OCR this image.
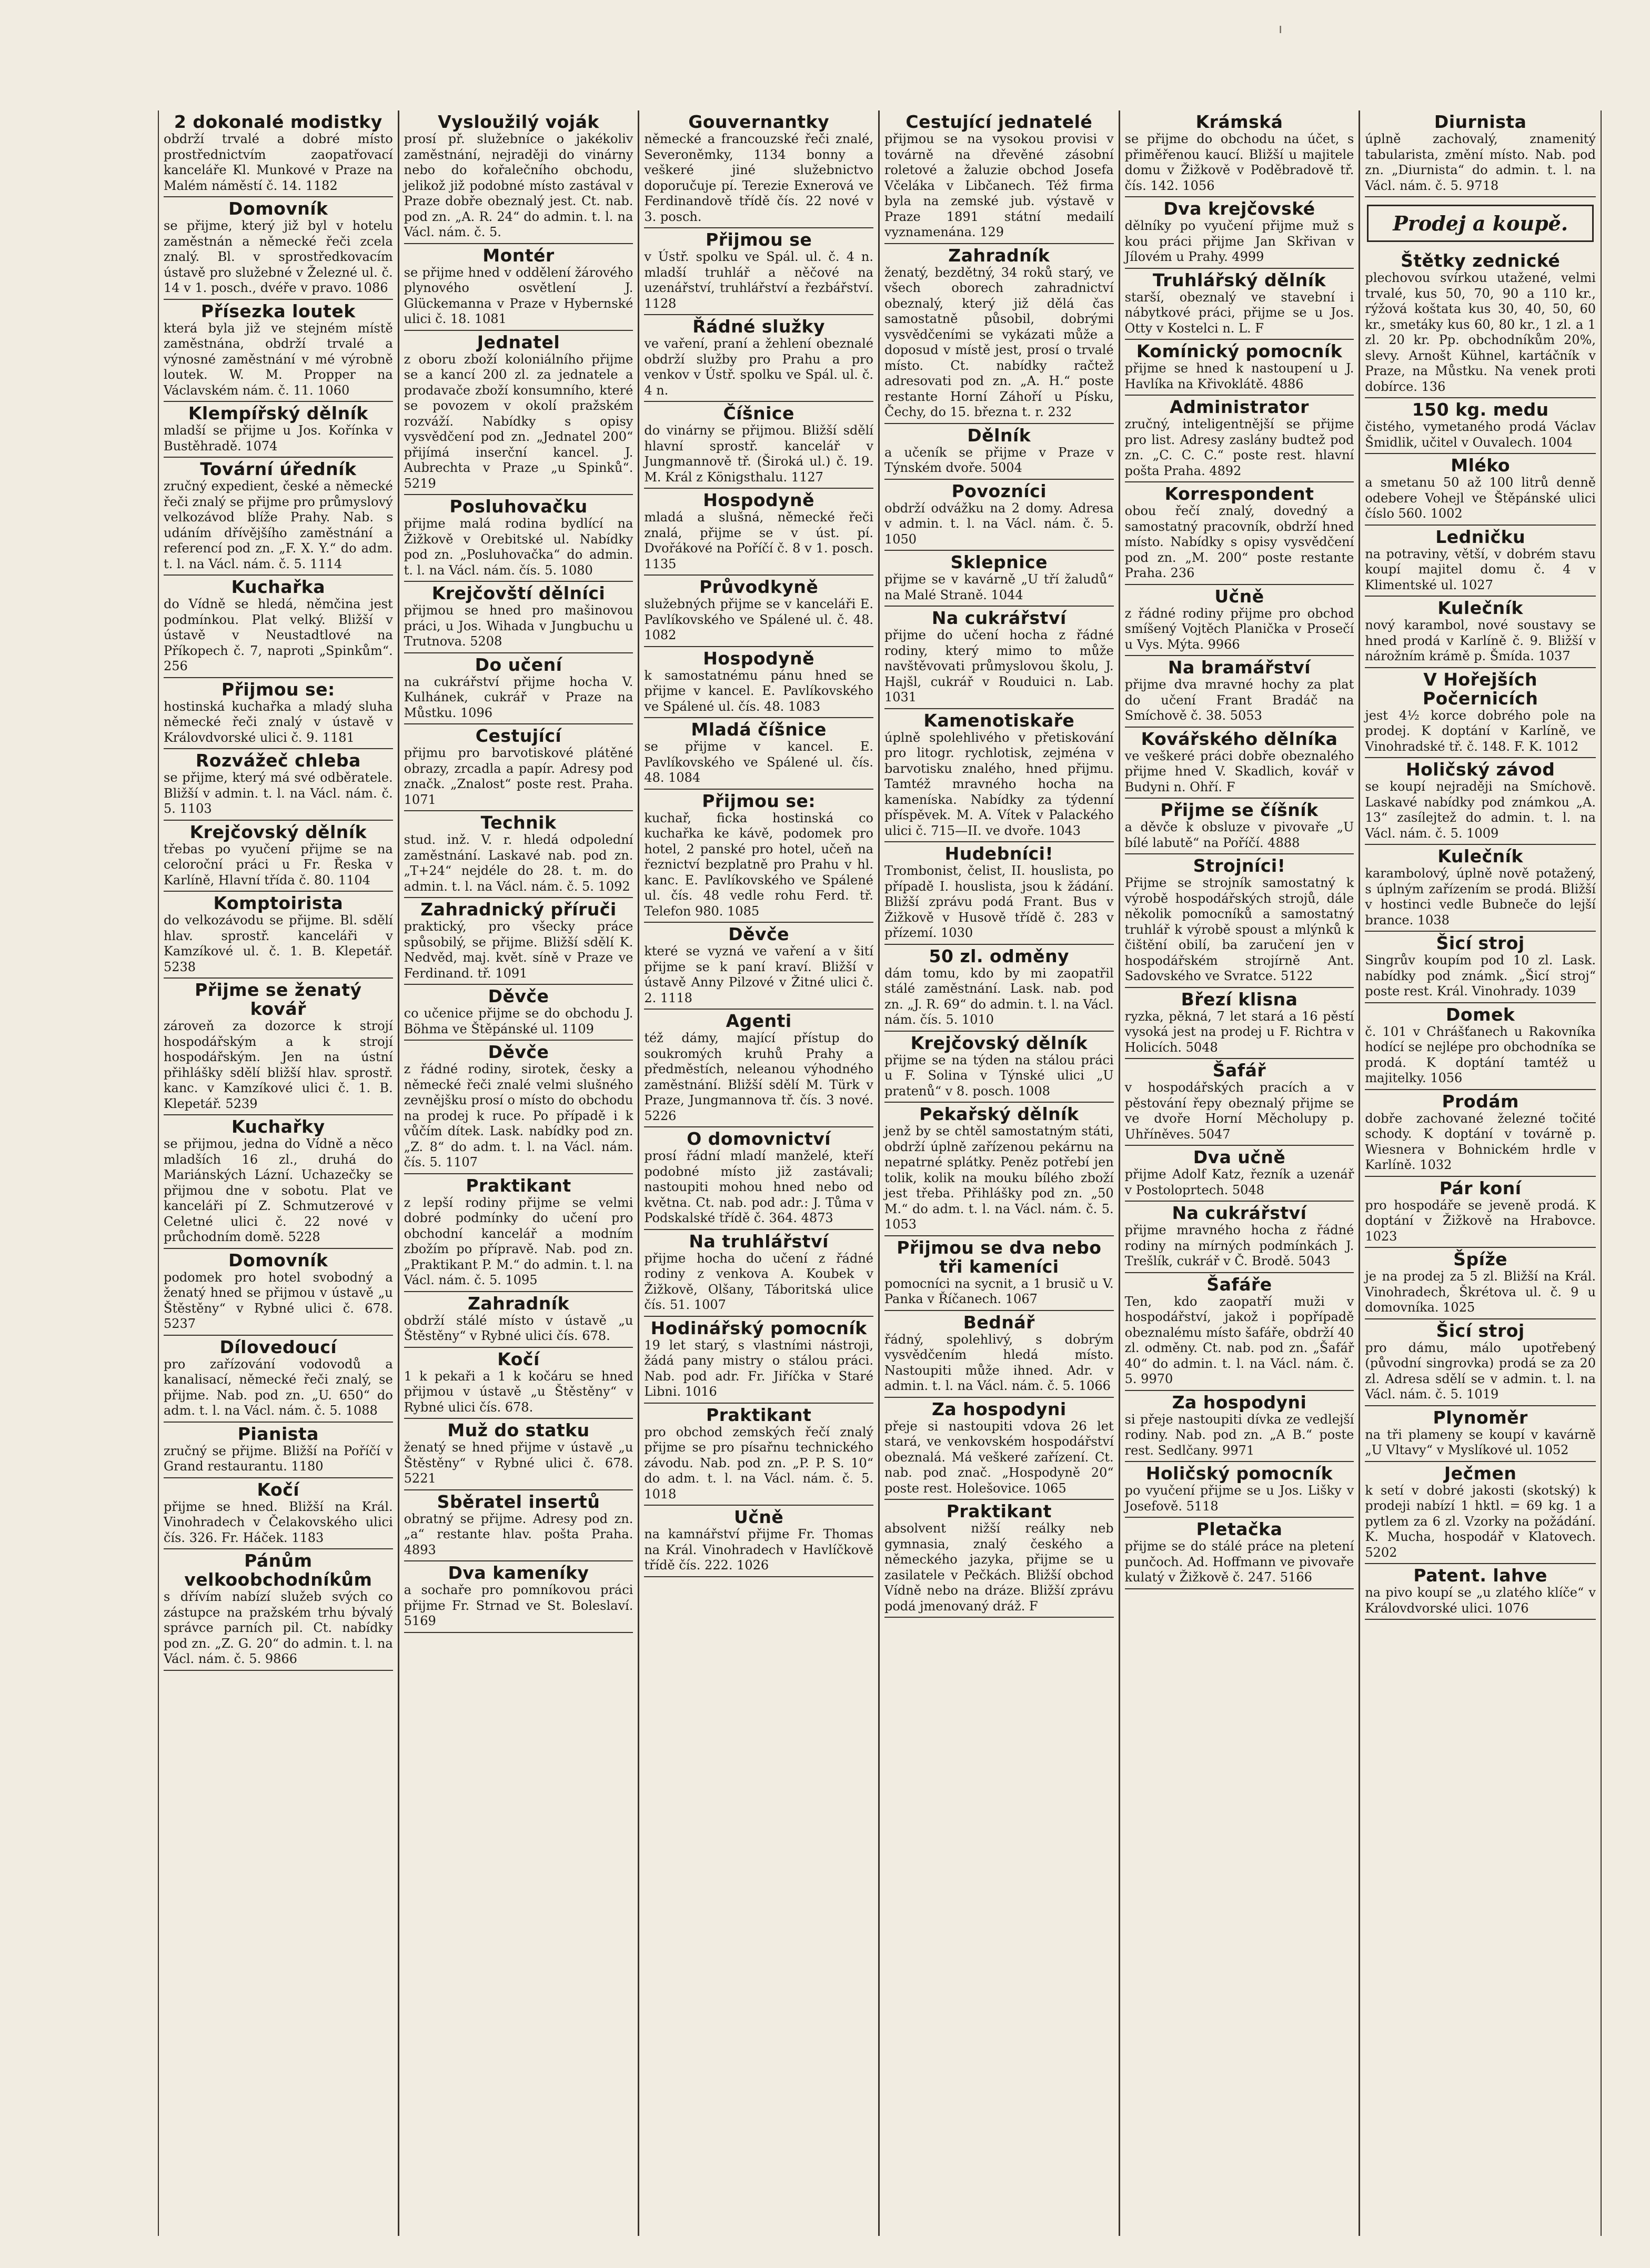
2 dokonalé modistky

obdrží trvalé a dobré místo prostřednictvím zaopatřovací kanceláře Kl. Munkové v Praze na Malém náměstí č. 14. 1182

Domovník

se přijme, který již byl v hotelu zaměstnán a německé řeči zcela znalý. Bl. v sprostředkovacím ústavě pro služebné v Železné ul. č. 14 v 1. posch., dvéře v pravo. 1086

Přísezka loutek

která byla již ve stejném místě zaměstnána, obdrží trvalé a výnosné zaměstnání v mé výrobně loutek. W. M. Propper na Václavském nám. č. 11. 1060

Klempířský dělník

mladší se přijme u Jos. Kořínka v Bustěhradě. 1074

Tovární úředník

zručný expedient, české a německé řeči znalý se přijme pro průmyslový velkozávod blíže Prahy. Nab. s udáním dřívějšího zaměstnání a referencí pod zn. „F. X. Y.“ do adm. t. l. na Václ. nám. č. 5. 1114

Kuchařka

do Vídně se hledá, němčina jest podmínkou. Plat velký. Bližší v ústavě v Neustadtlové na Příkopech č. 7, naproti „Spinkům“. 256

Přijmou se:

hostinská kuchařka a mladý sluha německé řeči znalý v ústavě v Královdvorské ulici č. 9. 1181

Rozvážeč chleba

se přijme, který má své odběratele. Bližší v admin. t. l. na Václ. nám. č. 5. 1103

Krejčovský dělník

třebas po vyučení přijme se na celoroční práci u Fr. Řeska v Karlíně, Hlavní třída č. 80. 1104

Komptoiristа

do velkozávodu se přijme. Bl. sdělí hlav. sprostř. kanceláři v Kamzíkové ul. č. 1. B. Klepetář. 5238

Přijme se ženatý kovář

zároveň za dozorce k strojí hospodářským a k strojí hospodářským. Jen na ústní přihlášky sdělí bližší hlav. sprostř. kanc. v Kamzíkové ulici č. 1. B. Klepetář. 5239

Kuchařky

se přijmou, jedna do Vídně a něco mladších 16 zl., druhá do Mariánských Lázní. Uchazečky se přijmou dne v sobotu. Plat ve kanceláři pí Z. Schmutzerové v Celetné ulici č. 22 nové v průchodním domě. 5228

Domovník

podomek pro hotel svobodný a ženatý hned se přijmou v ústavě „u Štěstěny“ v Rybné ulici č. 678. 5237

Dílovedoucí

pro zařízování vodovodů a kanalisací, německé řeči znalý, se přijme. Nab. pod zn. „U. 650“ do adm. t. l. na Václ. nám. č. 5. 1088

Pianista

zručný se přijme. Bližší na Poříčí v Grand restaurantu. 1180

Kočí

přijme se hned. Bližší na Král. Vinohradech v Čelakovského ulici čís. 326. Fr. Háček. 1183

Pánům velkoobchodníkům

s dřívím nabízí služeb svých co zástupce na pražském trhu bývalý správce parních pil. Ct. nabídky pod zn. „Z. G. 20“ do admin. t. l. na Václ. nám. č. 5. 9866

Vysloužilý voják

prosí př. služebníce o jakékoliv zaměstnání, nejraději do vinárny nebo do kořalečního obchodu, jelikož již podobné místo zastával v Praze dobře obeznalý jest. Ct. nab. pod zn. „A. R. 24“ do admin. t. l. na Václ. nám. č. 5.

Montér

se přijme hned v oddělení žárového plynového osvětlení J. Glückemanna v Praze v Hybernské ulici č. 18. 1081

Jednatel

z oboru zboží koloniálního přijme se a kancí 200 zl. za jednatele a prodavače zboží konsumního, které se povozem v okolí pražském rozváží. Nabídky s opisy vysvědčení pod zn. „Jednatel 200“ přijímá inserční kancel. J. Aubrechta v Praze „u Spinků“. 5219

Posluhovačku

přijme malá rodina bydlící na Žižkově v Orebitské ul. Nabídky pod zn. „Posluhovačka“ do admin. t. l. na Václ. nám. čís. 5. 1080

Krejčovští dělníci

přijmou se hned pro mašinovou práci, u Jos. Wihada v Jungbuchu u Trutnova. 5208

Do učení

na cukrářství přijme hocha V. Kulhánek, cukrář v Praze na Můstku. 1096

Cestující

přijmu pro barvotiskové plátěné obrazy, zrcadla a papír. Adresy pod značk. „Znalost“ poste rest. Praha. 1071

Technik

stud. inž. V. r. hledá odpolední zaměstnání. Laskavé nab. pod zn. „T+24“ nejdéle do 28. t. m. do admin. t. l. na Václ. nám. č. 5. 1092

Zahradnický příruči

praktický, pro všecky práce spůsobilý, se přijme. Bližší sdělí K. Nedvěd, maj. květ. síně v Praze ve Ferdinand. tř. 1091

Děvče

co učenice přijme se do obchodu J. Böhma ve Štěpánské ul. 1109

Děvče

z řádné rodiny, sirotek, česky a německé řeči znalé velmi slušného zevnějšku prosí o místo do obchodu na prodej k ruce. Po případě i k vůčím dítek. Lask. nabídky pod zn. „Z. 8“ do adm. t. l. na Václ. nám. čís. 5. 1107

Praktikant

z lepší rodiny přijme se velmi dobré podmínky do učení pro obchodní kancelář a modním zbožím po přípravě. Nab. pod zn. „Praktikant P. M.“ do admin. t. l. na Václ. nám. č. 5. 1095

Zahradník

obdrží stálé místo v ústavě „u Štěstěny“ v Rybné ulici čís. 678.

Kočí

1 k pekaři a 1 k kočáru se hned přijmou v ústavě „u Štěstěny“ v Rybné ulici čís. 678.

Muž do statku

ženatý se hned přijme v ústavě „u Štěstěny“ v Rybné ulici č. 678. 5221

Sběratel insertů

obratný se přijme. Adresy pod zn. „a“ restante hlav. pošta Praha. 4893

Dva kameníky

a sochaře pro pomníkovou práci přijme Fr. Strnad ve St. Boleslaví. 5169

Gouvernantky

německé a francouzské řeči znalé, Severoněmky, 1134 bonny a veškeré jiné služebnictvo doporučuje pí. Terezie Exnerová ve Ferdinandově třídě čís. 22 nové v 3. posch.

Přijmou se

v Ústř. spolku ve Spál. ul. č. 4 n. mladší truhlář a něčové na uzenářství, truhlářství a řezbářství. 1128

Řádné služky

ve vaření, praní a žehlení obeznalé obdrží služby pro Prahu a pro venkov v Ústř. spolku ve Spál. ul. č. 4 n.

Číšnice

do vinárny se přijmou. Bližší sdělí hlavní sprostř. kancelář v Jungmannově tř. (Široká ul.) č. 19. M. Král z Königsthalu. 1127

Hospodyně

mladá a slušná, německé řeči znalá, přijme se v úst. pí. Dvořákové na Poříčí č. 8 v 1. posch. 1135

Průvodkyně

služebných přijme se v kanceláři E. Pavlíkovského ve Spálené ul. č. 48. 1082

Hospodyně

k samostatnému pánu hned se přijme v kancel. E. Pavlíkovského ve Spálené ul. čís. 48. 1083

Mladá číšnice

se přijme v kancel. E. Pavlíkovského ve Spálené ul. čís. 48. 1084

Přijmou se:

kuchař, ficka hostinská co kuchařka ke kávě, podomek pro hotel, 2 panské pro hotel, učeň na řeznictví bezplatně pro Prahu v hl. kanc. E. Pavlíkovského ve Spálené ul. čís. 48 vedle rohu Ferd. tř. Telefon 980. 1085

Děvče

které se vyzná ve vaření a v šití přijme se k paní kraví. Bližší v ústavě Anny Pilzové v Žitné ulici č. 2. 1118

Agenti

též dámy, mající přístup do soukromých kruhů Prahy a předměstích, neleanou výhodného zaměstnání. Bližší sdělí M. Türk v Praze, Jungmannova tř. čís. 3 nové. 5226

O domovnictví

prosí řádní mladí manželé, kteří podobné místo již zastávali; nastoupiti mohou hned nebo od května. Ct. nab. pod adr.: J. Tůma v Podskalské třídě č. 364. 4873

Na truhlářství

přijme hocha do učení z řádné rodiny z venkova A. Koubek v Žižkově, Olšany, Táboritská ulice čís. 51. 1007

Hodinářský pomocník

19 let starý, s vlastními nástroji, žádá pany mistry o stálou práci. Nab. pod adr. Fr. Jiříčka v Staré Libni. 1016

Praktikant

pro obchod zemských řečí znalý přijme se pro písařnu technického závodu. Nab. pod zn. „P. P. S. 10“ do adm. t. l. na Václ. nám. č. 5. 1018

Učně

na kamnářství přijme Fr. Thomas na Král. Vinohradech v Havlíčkově třídě čís. 222. 1026

Cestující jednatelé

přijmou se na vysokou provisi v továrně na dřevěné zásobní roletové a žaluzie obchod Josefa Včeláka v Libčanech. Též firma byla na zemské jub. výstavě v Praze 1891 státní medailí vyznamenána. 129

Zahradník

ženatý, bezdětný, 34 roků starý, ve všech oborech zahradnictví obeznalý, který již dělá čas samostatně působil, dobrými vysvědčeními se vykázati může a doposud v místě jest, prosí o trvalé místo. Ct. nabídky račtež adresovati pod zn. „A. H.“ poste restante Horní Záhoří u Písku, Čechy, do 15. března t. r. 232

Dělník

a učeník se přijme v Praze v Týnském dvoře. 5004

Povozníci

obdrží odvážku na 2 domy. Adresa v admin. t. l. na Václ. nám. č. 5. 1050

Sklepnice

přijme se v kavárně „U tří žaludů“ na Malé Straně. 1044

Na cukrářství

přijme do učení hocha z řádné rodiny, který mimo to může navštěvovati průmyslovou školu, J. Hajšl, cukrář v Rouduici n. Lab. 1031

Kamenotiskaře

úplně spolehlivého v přetiskování pro litogr. rychlotisk, zejména v barvotisku znalého, hned přijmu. Tamtéž mravného hocha na kameníska. Nabídky za týdenní příspěvek. M. A. Vítek v Palackého ulici č. 715—II. ve dvoře. 1043

Hudebníci!

Trombonist, čelist, II. houslista, po případě I. houslista, jsou k žádání. Bližší zprávu podá Frant. Bus v Žižkově v Husově třídě č. 283 v přízemí. 1030

50 zl. odměny

dám tomu, kdo by mi zaopatřil stálé zaměstnání. Lask. nab. pod zn. „J. R. 69“ do admin. t. l. na Václ. nám. čís. 5. 1010

Krejčovský dělník

přijme se na týden na stálou práci u F. Solina v Týnské ulici „U pratenů“ v 8. posch. 1008

Pekařský dělník

jenž by se chtěl samostatným státi, obdrží úplně zařízenou pekárnu na nepatrné splátky. Peněz potřebí jen tolik, kolik na mouku bílého zboží jest třeba. Přihlášky pod zn. „50 M.“ do adm. t. l. na Václ. nám. č. 5. 1053

Přijmou se dva nebo tři kameníci

pomocníci na sycnit, a 1 brusič u V. Panka v Říčanech. 1067

Bednář

řádný, spolehlivý, s dobrým vysvědčením hledá místo. Nastoupiti může ihned. Adr. v admin. t. l. na Václ. nám. č. 5. 1066

Za hospodyni

přeje si nastoupiti vdova 26 let stará, ve venkovském hospodářství obeznalá. Má veškeré zařízení. Ct. nab. pod znač. „Hospodyně 20“ poste rest. Holešovice. 1065

Praktikant

absolvent nižší reálky neb gymnasia, znalý českého a německého jazyka, přijme se u zasilatele v Pečkách. Bližší obchod Vídně nebo na dráze. Bližší zprávu podá jmenovaný dráž. F

Krámská

se přijme do obchodu na účet, s přiměřenou kaucí. Bližší u majitele domu v Žižkově v Poděbradově tř. čís. 142. 1056

Dva krejčovské

dělníky po vyučení přijme muž s kou práci přijme Jan Skřivan v Jílovém u Prahy. 4999

Truhlářský dělník

starší, obeznalý ve stavební i nábytkové práci, přijme se u Jos. Otty v Kostelci n. L. F

Komínický pomocník

přijme se hned k nastoupení u J. Havlíka na Křivoklátě. 4886

Administrator

zručný, inteligentnější se přijme pro list. Adresy zaslány budtež pod zn. „C. C. C.“ poste rest. hlavní pošta Praha. 4892

Korrespondent

obou řečí znalý, dovedný a samostatný pracovník, obdrží hned místo. Nabídky s opisy vysvědčení pod zn. „M. 200“ poste restante Praha. 236

Učně

z řádné rodiny přijme pro obchod smíšený Vojtěch Planička v Prosečí u Vys. Mýta. 9966

Na bramářství

přijme dva mravné hochy za plat do učení Frant Bradáč na Smíchově č. 38. 5053

Kovářského dělníka

ve veškeré práci dobře obeznalého přijme hned V. Skadlich, kovář v Budyni n. Ohří. F

Přijme se číšník

a děvče k obsluze v pivovaře „U bílé labutě“ na Poříčí. 4888

Strojníci!

Přijme se strojník samostatný k výrobě hospodářských strojů, dále několik pomocníků a samostatný truhlář k výrobě spoust a mlýnků k čištění obilí, ba zaručení jen v hospodářském strojírně Ant. Sadovského ve Svratce. 5122

Březí klisna

ryzka, pěkná, 7 let stará a 16 pěstí vysoká jest na prodej u F. Richtra v Holicích. 5048

Šafář

v hospodářských pracích a v pěstování řepy obeznalý přijme se ve dvoře Horní Měcholupy p. Uhříněves. 5047

Dva učně

přijme Adolf Katz, řezník a uzenář v Postoloprtech. 5048

Na cukrářství

přijme mravného hocha z řádné rodiny na mírných podmínkách J. Trešlík, cukrář v Č. Brodě. 5043

Šafáře

Ten, kdo zaopatří muži v hospodářství, jakož i popřípadě obeznalému místo šafáře, obdrží 40 zl. odměny. Ct. nab. pod zn. „Šafář 40“ do admin. t. l. na Václ. nám. č. 5. 9970

Za hospodyni

si přeje nastoupiti dívka ze vedlejší rodiny. Nab. pod zn. „A B.“ poste rest. Sedlčany. 9971

Holičský pomocník

po vyučení přijme se u Jos. Lišky v Josefově. 5118

Pletačka

přijme se do stálé práce na pletení punčoch. Ad. Hoffmann ve pivovaře kulatý v Žižkově č. 247. 5166

Diurnista

úplně zachovalý, znamenitý tabularista, změní místo. Nab. pod zn. „Diurnista“ do admin. t. l. na Václ. nám. č. 5. 9718

Prodej a koupě.
Štětky zednické

plechovou svírkou utažené, velmi trvalé, kus 50, 70, 90 a 110 kr., rýžová koštata kus 30, 40, 50, 60 kr., smetáky kus 60, 80 kr., 1 zl. a 1 zl. 20 kr. Pp. obchodníkům 20%, slevy. Arnošt Kühnel, kartáčník v Praze, na Můstku. Na venek proti dobírce. 136

150 kg. medu

čistého, vymetaného prodá Václav Šmidlik, učitel v Ouvalech. 1004

Mléko

a smetanu 50 až 100 litrů denně odebere Vohejl ve Štěpánské ulici číslo 560. 1002

Ledničku

na potraviny, větší, v dobrém stavu koupí majitel domu č. 4 v Klimentské ul. 1027

Kulečník

nový karambol, nové soustavy se hned prodá v Karlíně č. 9. Bližší v nárožním krámě p. Šmída. 1037

V Hořejších Počernicích

jest 4½ korce dobrého pole na prodej. K doptání v Karlíně, ve Vinohradské tř. č. 148. F. K. 1012

Holičský závod

se koupí nejraději na Smíchově. Laskavé nabídky pod známkou „A. 13“ zasílejtež do admin. t. l. na Václ. nám. č. 5. 1009

Kulečník

karambolový, úplně nově potažený, s úplným zařízením se prodá. Bližší v hostinci vedle Bubneče do lejší brance. 1038

Šicí stroj

Singrův koupím pod 10 zl. Lask. nabídky pod známk. „Šicí stroj“ poste rest. Král. Vinohrady. 1039

Domek

č. 101 v Chrášťanech u Rakovníka hodící se nejlépe pro obchodníka se prodá. K doptání tamtéž u majitelky. 1056

Prodám

dobře zachované železné točité schody. K doptání v továrně p. Wiesnera v Bohnickém hrdle v Karlíně. 1032

Pár koní

pro hospodáře se jeveně prodá. K doptání v Žižkově na Hrabovce. 1023

Špíže

je na prodej za 5 zl. Bližší na Král. Vinohradech, Škrétova ul. č. 9 u domovníka. 1025

Šicí stroj

pro dámu, málo upotřebený (původní singrovka) prodá se za 20 zl. Adresa sdělí se v admin. t. l. na Václ. nám. č. 5. 1019

Plynoměr

na tři plameny se koupí v kavárně „U Vltavy“ v Myslíkové ul. 1052

Ječmen

k setí v dobré jakosti (skotský) k prodeji nabízí 1 hktl. = 69 kg. 1 a pytlem za 6 zl. Vzorky na požádání. K. Mucha, hospodář v Klatovech. 5202

Patent. lahve

na pivo koupí se „u zlatého klíče“ v Královdvorské ulici. 1076

ı
